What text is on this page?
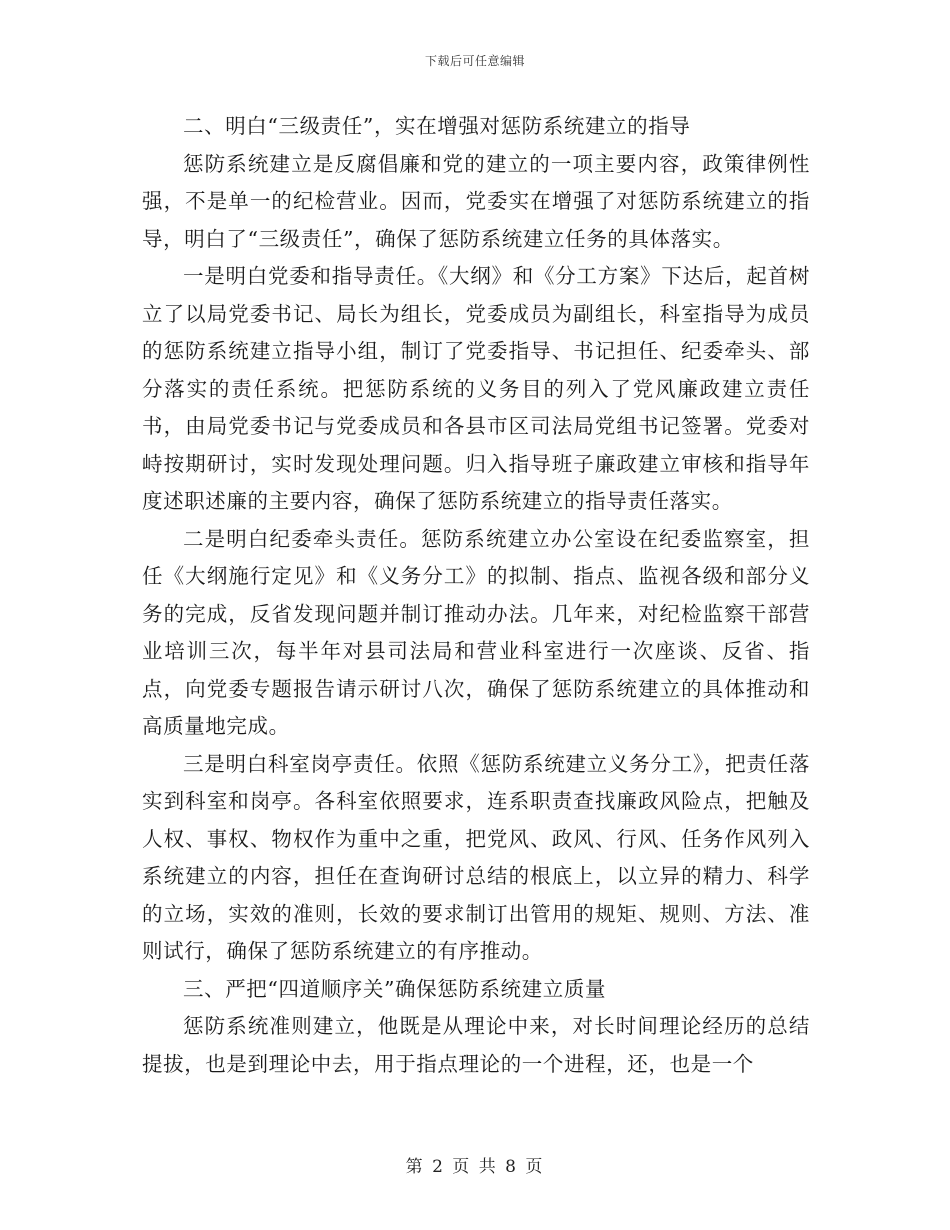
下载后可任意编辑

二、明白“三级责任”，实在增强对惩防系统建立的指导

惩防系统建立是反腐倡廉和党的建立的一项主要内容，政策律例性强，不是单一的纪检营业。因而，党委实在增强了对惩防系统建立的指导，明白了“三级责任”，确保了惩防系统建立任务的具体落实。

一是明白党委和指导责任。《大纲》和《分工方案》下达后，起首树立了以局党委书记、局长为组长，党委成员为副组长，科室指导为成员的惩防系统建立指导小组，制订了党委指导、书记担任、纪委牵头、部分落实的责任系统。把惩防系统的义务目的列入了党风廉政建立责任书，由局党委书记与党委成员和各县市区司法局党组书记签署。党委对峙按期研讨，实时发现处理问题。归入指导班子廉政建立审核和指导年度述职述廉的主要内容，确保了惩防系统建立的指导责任落实。

二是明白纪委牵头责任。惩防系统建立办公室设在纪委监察室，担任《大纲施行定见》和《义务分工》的拟制、指点、监视各级和部分义务的完成，反省发现问题并制订推动办法。几年来，对纪检监察干部营业培训三次，每半年对县司法局和营业科室进行一次座谈、反省、指点，向党委专题报告请示研讨八次，确保了惩防系统建立的具体推动和高质量地完成。

三是明白科室岗亭责任。依照《惩防系统建立义务分工》，把责任落实到科室和岗亭。各科室依照要求，连系职责查找廉政风险点，把触及人权、事权、物权作为重中之重，把党风、政风、行风、任务作风列入系统建立的内容，担任在查询研讨总结的根底上，以立异的精力、科学的立场，实效的准则，长效的要求制订出管用的规矩、规则、方法、准则试行，确保了惩防系统建立的有序推动。

三、严把“四道顺序关”确保惩防系统建立质量

惩防系统准则建立，他既是从理论中来，对长时间理论经历的总结提拔，也是到理论中去，用于指点理论的一个进程，还，也是一个

第 2 页 共 8 页
